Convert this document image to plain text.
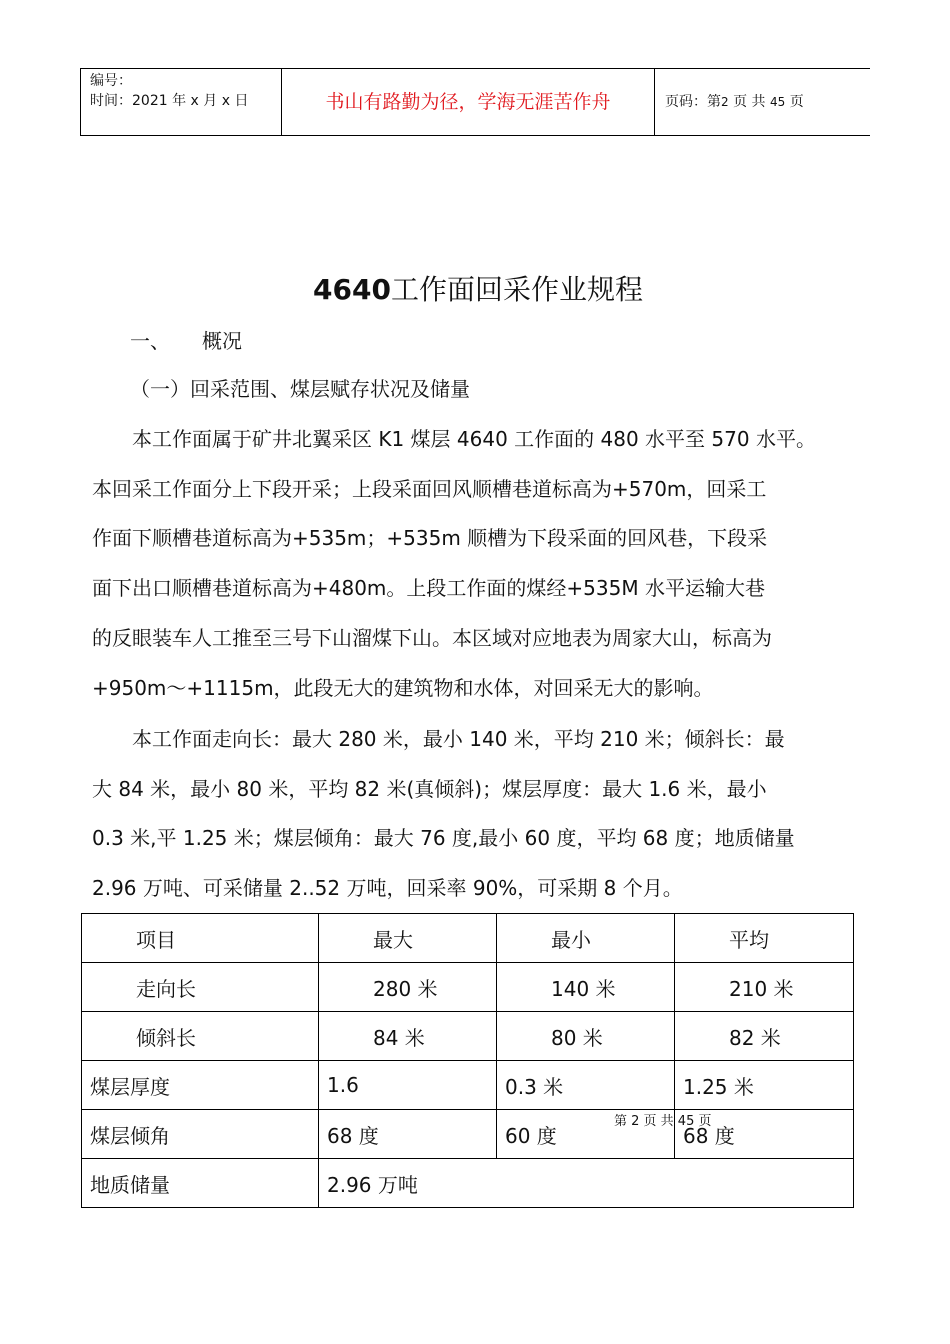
编号：
时间：2021 年 x 月 x 日	书山有路勤为径，学海无涯苦作舟	页码：第2 页 共 45 页
4640工作面回采作业规程
一、 概况
（一）回采范围、煤层赋存状况及储量
本工作面属于矿井北翼采区 K1 煤层 4640 工作面的 480 水平至 570 水平。
本回采工作面分上下段开采；上段采面回风顺槽巷道标高为+570m，回采工
作面下顺槽巷道标高为+535m；+535m 顺槽为下段采面的回风巷，下段采
面下出口顺槽巷道标高为+480m。上段工作面的煤经+535M 水平运输大巷
的反眼装车人工推至三号下山溜煤下山。本区域对应地表为周家大山，标高为
+950m～+1115m，此段无大的建筑物和水体，对回采无大的影响。
本工作面走向长：最大 280 米，最小 140 米，平均 210 米；倾斜长：最
大 84 米，最小 80 米，平均 82 米(真倾斜)；煤层厚度：最大 1.6 米，最小
0.3 米,平 1.25 米；煤层倾角：最大 76 度,最小 60 度，平均 68 度；地质储量
2.96 万吨、可采储量 2..52 万吨，回采率 90%，可采期 8 个月。
项目	最大	最小	平均
走向长	280 米	140 米	210 米
倾斜长	84 米	80 米	82 米
煤层厚度	1.6	0.3 米	1.25 米
煤层倾角	68 度	60 度	68 度
地质储量	2.96 万吨		
第 2 页 共 45 页
